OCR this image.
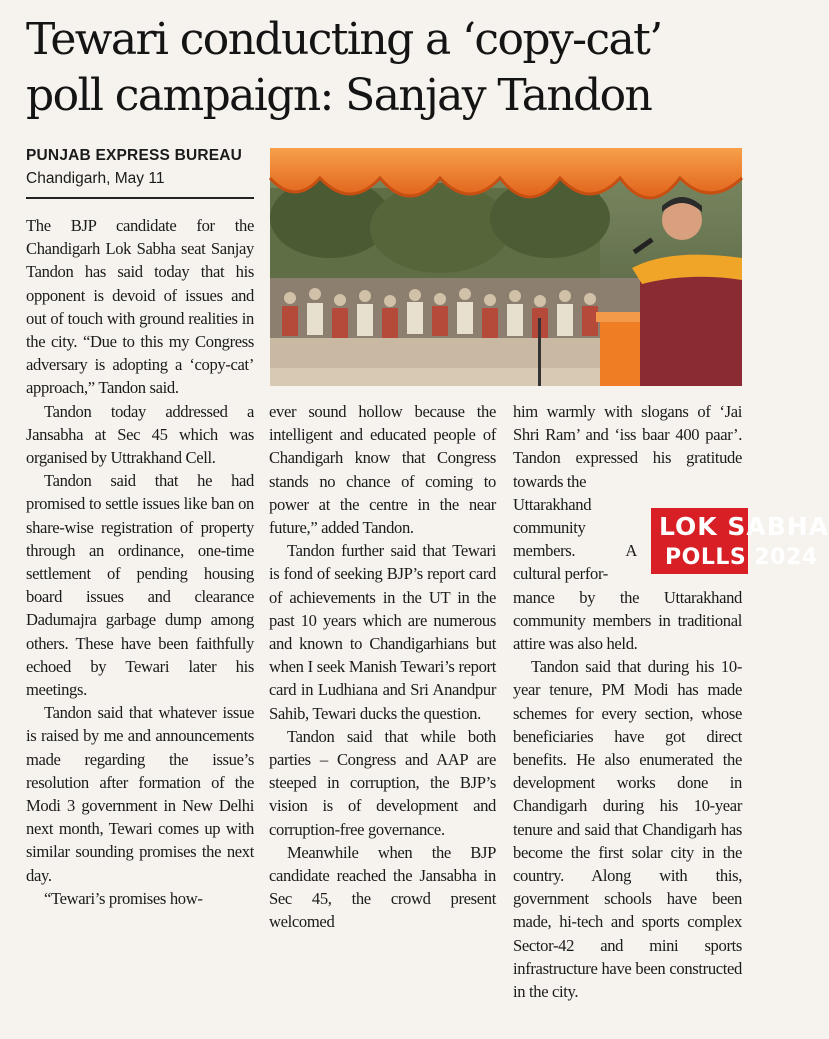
Tewari conducting a ‘copy-cat’ poll campaign: Sanjay Tandon
PUNJAB EXPRESS BUREAU
Chandigarh, May 11

The BJP candidate for the Chandigarh Lok Sabha seat Sanjay Tandon has said today that his opponent is devoid of issues and out of touch with ground realities in the city. “Due to this my Congress adversary is adopting a ‘copy-cat’ approach,” Tandon said.

Tandon today addressed a Jansabha at Sec 45 which was organised by Uttrakhand Cell.

Tandon said that he had promised to settle issues like ban on share-wise registration of property through an ordinance, one-time settlement of pending housing board issues and clearance Dadumajra garbage dump among others. These have been faithfully echoed by Tewari later his meetings.

Tandon said that whatever issue is raised by me and announcements made regarding the issue’s resolution after formation of the Modi 3 government in New Delhi next month, Tewari comes up with similar sounding promises the next day.

“Tewari’s promises how-

ever sound hollow because the intelligent and educated people of Chandigarh know that Congress stands no chance of coming to power at the centre in the near future,” added Tandon.

Tandon further said that Tewari is fond of seeking BJP’s report card of achievements in the UT in the past 10 years which are numerous and known to Chandigarhians but when I seek Manish Tewari’s report card in Ludhiana and Sri Anandpur Sahib, Tewari ducks the question.

Tandon said that while both parties – Congress and AAP are steeped in corruption, the BJP’s vision is of development and corruption-free governance.

Meanwhile when the BJP candidate reached the Jansabha in Sec 45, the crowd present welcomed

him warmly with slogans of ‘Jai Shri Ram’ and ‘iss baar 400 paar’. Tandon expressed his gratitude towards the

Uttarakhand community members. A cultural perfor-

mance by the Uttarakhand community members in traditional attire was also held.

Tandon said that during his 10-year tenure, PM Modi has made schemes for every section, whose beneficiaries have got direct benefits. He also enumerated the development works done in Chandigarh during his 10-year tenure and said that Chandigarh has become the first solar city in the country. Along with this, government schools have been made, hi-tech and sports complex Sector-42 and mini sports infrastructure have been constructed in the city.

LOK SABHA
POLLS 2024
